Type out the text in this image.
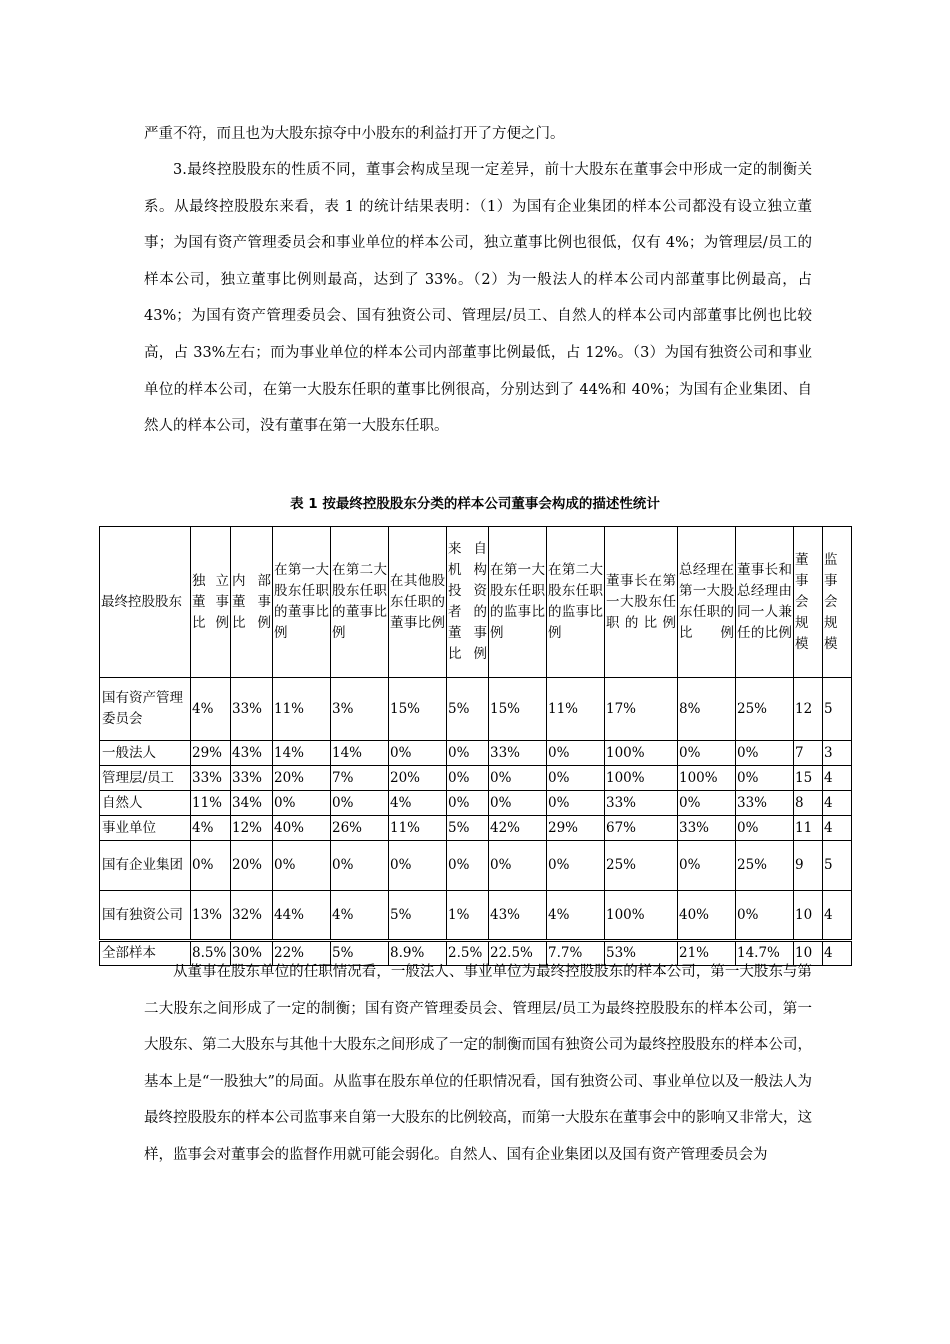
严重不符，而且也为大股东掠夺中小股东的利益打开了方便之门。

3.最终控股股东的性质不同，董事会构成呈现一定差异，前十大股东在董事会中形成一定的制衡关系。从最终控股股东来看，表 1 的统计结果表明：（1）为国有企业集团的样本公司都没有设立独立董事；为国有资产管理委员会和事业单位的样本公司，独立董事比例也很低，仅有 4%；为管理层/员工的样本公司，独立董事比例则最高，达到了 33%。（2）为一般法人的样本公司内部董事比例最高，占 43%；为国有资产管理委员会、国有独资公司、管理层/员工、自然人的样本公司内部董事比例也比较高，占 33%左右；而为事业单位的样本公司内部董事比例最低，占 12%。（3）为国有独资公司和事业单位的样本公司，在第一大股东任职的董事比例很高，分别达到了 44%和 40%；为国有企业集团、自然人的样本公司，没有董事在第一大股东任职。

表 1 按最终控股股东分类的样本公司董事会构成的描述性统计
最终控股股东	独立董事比例	内部董事比例	在第一大股东任职的董事比例	在第二大股东任职的董事比例	在其他股东任职的董事比例	来自机构投资者的董事比例	在第一大股东任职的监事比例	在第二大股东任职的监事比例	董事长在第一大股东任职的比例	总经理在第一大股东任职的比例	董事长和总经理由同一人兼任的比例	董事会规模	监事会规模
国有资产管理委员会	4%	33%	11%	3%	15%	5%	15%	11%	17%	8%	25%	12	5
一般法人	29%	43%	14%	14%	0%	0%	33%	0%	100%	0%	0%	7	3
管理层/员工	33%	33%	20%	7%	20%	0%	0%	0%	100%	100%	0%	15	4
自然人	11%	34%	0%	0%	4%	0%	0%	0%	33%	0%	33%	8	4
事业单位	4%	12%	40%	26%	11%	5%	42%	29%	67%	33%	0%	11	4
国有企业集团	0%	20%	0%	0%	0%	0%	0%	0%	25%	0%	25%	9	5
国有独资公司	13%	32%	44%	4%	5%	1%	43%	4%	100%	40%	0%	10	4
全部样本	8.5%	30%	22%	5%	8.9%	2.5%	22.5%	7.7%	53%	21%	14.7%	10	4

从董事在股东单位的任职情况看，一般法人、事业单位为最终控股股东的样本公司，第一大股东与第二大股东之间形成了一定的制衡；国有资产管理委员会、管理层/员工为最终控股股东的样本公司，第一大股东、第二大股东与其他十大股东之间形成了一定的制衡而国有独资公司为最终控股股东的样本公司，基本上是“一股独大”的局面。从监事在股东单位的任职情况看，国有独资公司、事业单位以及一般法人为最终控股股东的样本公司监事来自第一大股东的比例较高，而第一大股东在董事会中的影响又非常大，这样，监事会对董事会的监督作用就可能会弱化。自然人、国有企业集团以及国有资产管理委员会为
